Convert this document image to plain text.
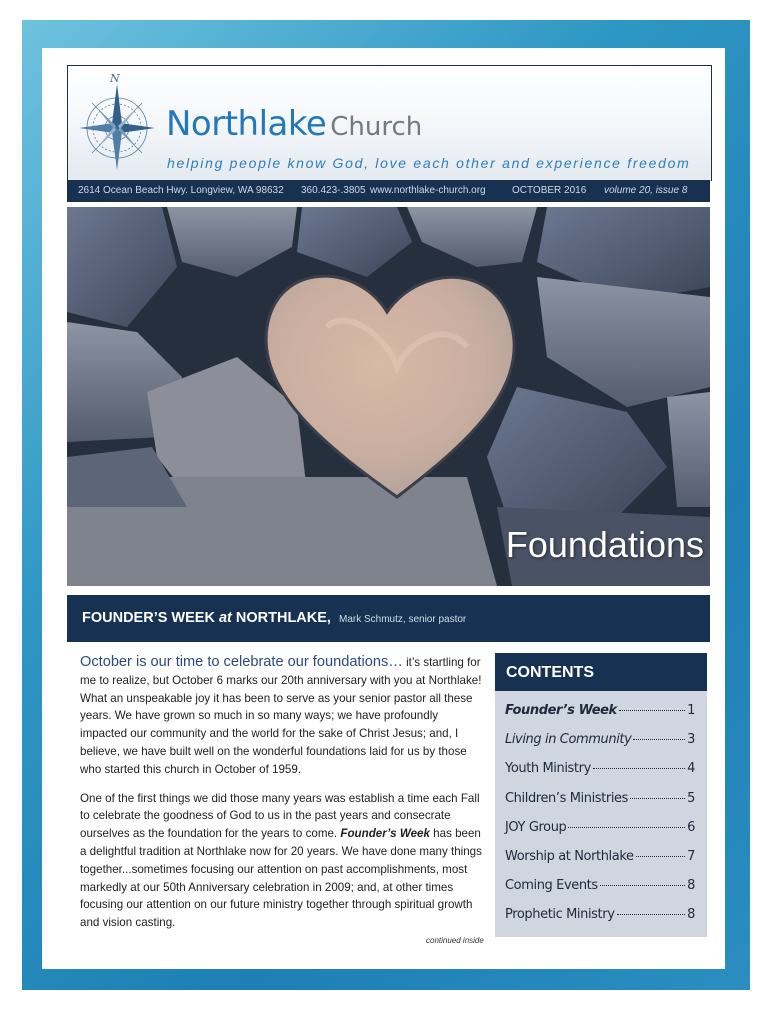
N
Northlake Church
helping people know God, love each other and experience freedom
2614 Ocean Beach Hwy. Longview, WA 98632 360.423-.3805 www.northlake-church.org	OCTOBER 2016 volume 20, issue 8
Foundations
FOUNDER’S WEEK at NORTHLAKE, Mark Schmutz, senior pastor

October is our time to celebrate our foundations… it’s startling for me to realize, but October 6 marks our 20th anniversary with you at Northlake! What an unspeakable joy it has been to serve as your senior pastor all these years. We have grown so much in so many ways; we have profoundly impacted our community and the world for the sake of Christ Jesus; and, I believe, we have built well on the wonderful foundations laid for us by those who started this church in October of 1959.

One of the first things we did those many years was establish a time each Fall to celebrate the goodness of God to us in the past years and consecrate ourselves as the foundation for the years to come. Founder’s Week has been a delightful tradition at Northlake now for 20 years. We have done many things together...sometimes focusing our attention on past accomplishments, most markedly at our 50th Anniversary celebration in 2009; and, at other times focusing our attention on our future ministry together through spiritual growth and vision casting.

continued inside
CONTENTS
Founder’s Week	1
Living in Community	3
Youth Ministry	4
Children’s Ministries	5
JOY Group	6
Worship at Northlake	7
Coming Events	8
Prophetic Ministry	8
